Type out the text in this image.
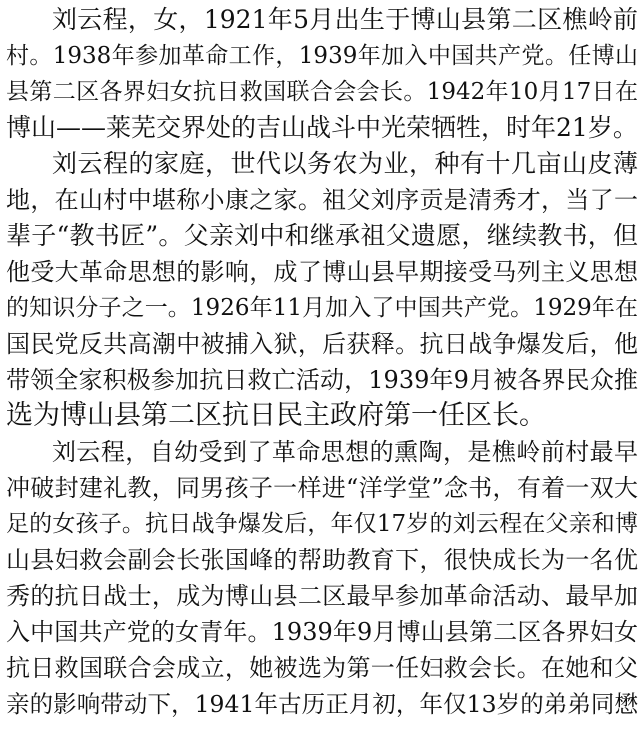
刘云程，女，1921年5月出生于博山县第二区樵岭前
村。1938年参加革命工作，1939年加入中国共产党。任博山
县第二区各界妇女抗日救国联合会会长。1942年10月17日在
博山——莱芜交界处的吉山战斗中光荣牺牲，时年21岁。
刘云程的家庭，世代以务农为业，种有十几亩山皮薄
地，在山村中堪称小康之家。祖父刘序贡是清秀才，当了一
辈子“教书匠”。父亲刘中和继承祖父遗愿，继续教书，但
他受大革命思想的影响，成了博山县早期接受马列主义思想
的知识分子之一。1926年11月加入了中国共产党。1929年在
国民党反共高潮中被捕入狱，后获释。抗日战争爆发后，他
带领全家积极参加抗日救亡活动，1939年9月被各界民众推
选为博山县第二区抗日民主政府第一任区长。
刘云程，自幼受到了革命思想的熏陶，是樵岭前村最早
冲破封建礼教，同男孩子一样进“洋学堂”念书，有着一双大
足的女孩子。抗日战争爆发后，年仅17岁的刘云程在父亲和博
山县妇救会副会长张国峰的帮助教育下，很快成长为一名优
秀的抗日战士，成为博山县二区最早参加革命活动、最早加
入中国共产党的女青年。1939年9月博山县第二区各界妇女
抗日救国联合会成立，她被选为第一任妇救会长。在她和父
亲的影响带动下，1941年古历正月初，年仅13岁的弟弟同懋
